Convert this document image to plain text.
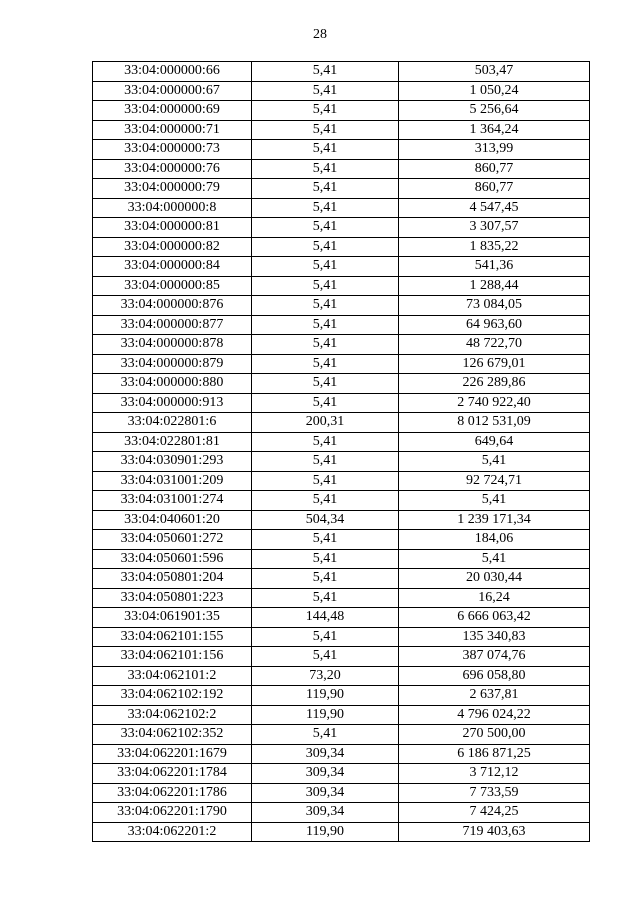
28
33:04:000000:66	5,41	503,47
33:04:000000:67	5,41	1 050,24
33:04:000000:69	5,41	5 256,64
33:04:000000:71	5,41	1 364,24
33:04:000000:73	5,41	313,99
33:04:000000:76	5,41	860,77
33:04:000000:79	5,41	860,77
33:04:000000:8	5,41	4 547,45
33:04:000000:81	5,41	3 307,57
33:04:000000:82	5,41	1 835,22
33:04:000000:84	5,41	541,36
33:04:000000:85	5,41	1 288,44
33:04:000000:876	5,41	73 084,05
33:04:000000:877	5,41	64 963,60
33:04:000000:878	5,41	48 722,70
33:04:000000:879	5,41	126 679,01
33:04:000000:880	5,41	226 289,86
33:04:000000:913	5,41	2 740 922,40
33:04:022801:6	200,31	8 012 531,09
33:04:022801:81	5,41	649,64
33:04:030901:293	5,41	5,41
33:04:031001:209	5,41	92 724,71
33:04:031001:274	5,41	5,41
33:04:040601:20	504,34	1 239 171,34
33:04:050601:272	5,41	184,06
33:04:050601:596	5,41	5,41
33:04:050801:204	5,41	20 030,44
33:04:050801:223	5,41	16,24
33:04:061901:35	144,48	6 666 063,42
33:04:062101:155	5,41	135 340,83
33:04:062101:156	5,41	387 074,76
33:04:062101:2	73,20	696 058,80
33:04:062102:192	119,90	2 637,81
33:04:062102:2	119,90	4 796 024,22
33:04:062102:352	5,41	270 500,00
33:04:062201:1679	309,34	6 186 871,25
33:04:062201:1784	309,34	3 712,12
33:04:062201:1786	309,34	7 733,59
33:04:062201:1790	309,34	7 424,25
33:04:062201:2	119,90	719 403,63
